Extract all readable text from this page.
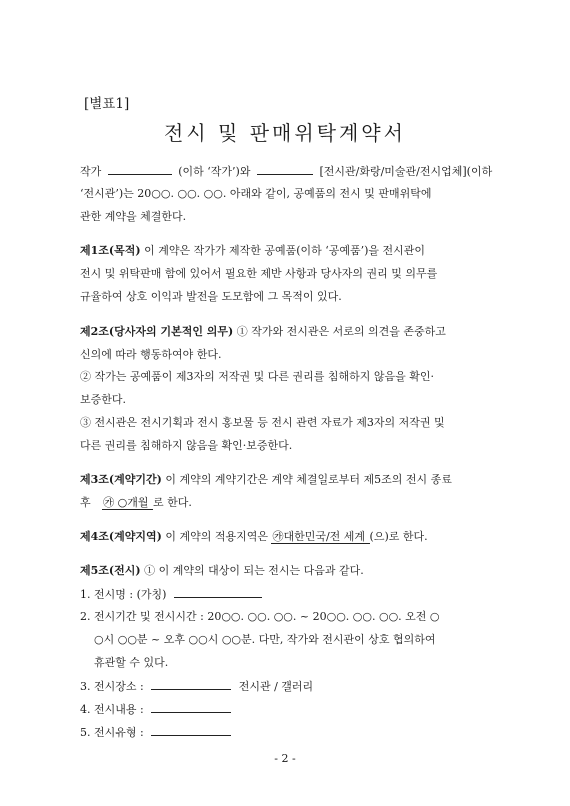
[별표1]
전시 및 판매위탁계약서
작가	(이하 ‘작가’)와	[전시관/화랑/미술관/전시업체](이하
‘전시관’)는 20○○. ○○. ○○. 아래와 같이, 공예품의 전시 및 판매위탁에
관한 계약을 체결한다.
제1조(목적) 이 계약은 작가가 제작한 공예품(이하 ‘공예품’)을 전시관이
전시 및 위탁판매 함에 있어서 필요한 제반 사항과 당사자의 권리 및 의무를
규율하여 상호 이익과 발전을 도모함에 그 목적이 있다.
제2조(당사자의 기본적인 의무) ① 작가와 전시관은 서로의 의견을 존중하고
신의에 따라 행동하여야 한다.
② 작가는 공예품이 제3자의 저작권 및 다른 권리를 침해하지 않음을 확인·
보증한다.
③ 전시관은 전시기획과 전시 홍보물 등 전시 관련 자료가 제3자의 저작권 및
다른 권리를 침해하지 않음을 확인·보증한다.
제3조(계약기간) 이 계약의 계약기간은 계약 체결일로부터 제5조의 전시 종료
후 ㉮ ○개월 로 한다.
제4조(계약지역) 이 계약의 적용지역은 ㉮대한민국/전 세계 (으)로 한다.
제5조(전시) ① 이 계약의 대상이 되는 전시는 다음과 같다.
1. 전시명 : (가칭)
2. 전시기간 및 전시시간 : 20○○. ○○. ○○. ~ 20○○. ○○. ○○. 오전 ○
○시 ○○분 ~ 오후 ○○시 ○○분. 다만, 작가와 전시관이 상호 협의하여
휴관할 수 있다.
3. 전시장소 :	전시관 / 갤러리
4. 전시내용 :
5. 전시유형 :
- 2 -
